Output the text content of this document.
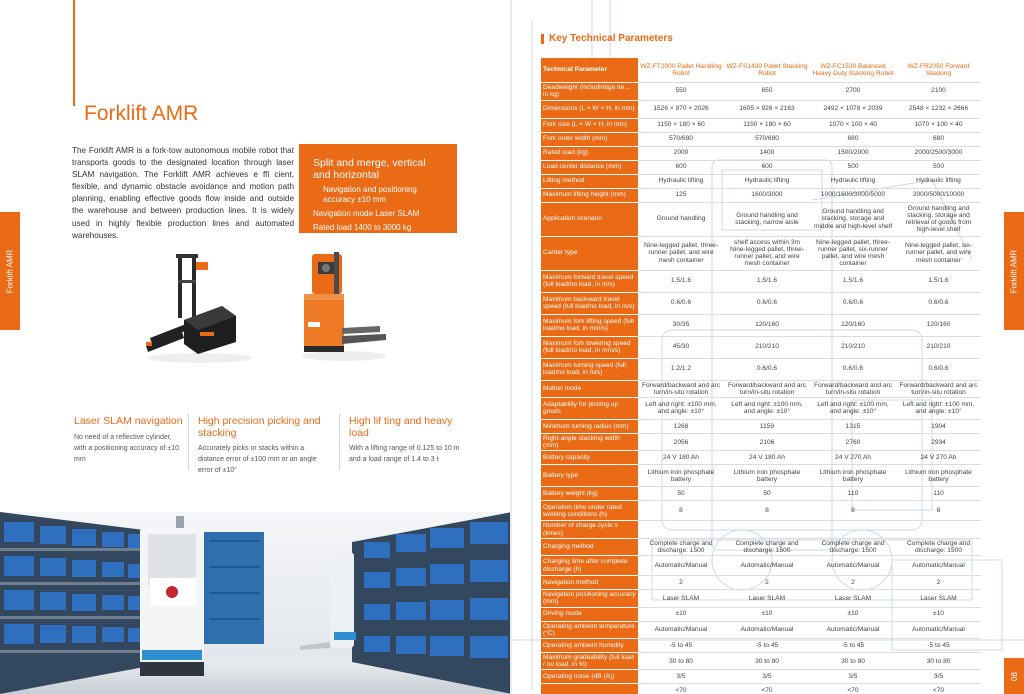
Forklift AMR
Forklift AMR
The Forklift AMR is a fork-tow autonomous mobile robot that transports goods to the designated location through laser SLAM navigation. The Forklift AMR achieves e ffi cient, flexible, and dynamic obstacle avoidance and motion path planning, enabling effective goods flow inside and outside the warehouse and between production lines. It is widely used in highly flexible production lines and automated warehouses.
Split and merge, vertical and horizontal
Navigation and positioning accuracy ±10 mm
Navigation mode Laser SLAM
Rated load 1400 to 3000 kg
Laser SLAM navigation
No need of a reflective cylinder, with a positioning accuracy of ±10 mm
High precision picking and stacking
Accurately picks or stacks within a distance error of ±100 mm or an angle error of ±10°
High lif ting and heavy load
With a lifting range of 0.125 to 10 m and a load range of 1.4 to 3 t
Forklift AMR
08
Key Technical Parameters
Technical Parameter	WZ-FT2000 Pallet Handling Robot	WZ-FS1430 Pallet Stacking Robot	WZ-FC1530 Balanced Heavy-Duty Stacking Robot	WZ-FR2050 Forward Stacking
Deadweight (includinbga tte... in kg)	550	650	2700	2100
Dimensions (L × W × H, in mm)	1526 × 970 × 2026	1605 × 926 × 2163	2492 × 1078 × 2039	2548 × 1232 × 2666
Fork size (L × W × H, in mm)	1150 × 180 × 60	1150 × 180 × 60	1070 × 100 × 40	1070 × 100 × 40
Fork outer width (mm)	570/680	570/680	680	680
Rated load (kg)	2000	1400	1500/2000	2000/2500/3000
Load center distance (mm)	600	600	500	500
Lifting method	Hydraulic lifting	Hydraulic lifting	Hydraulic lifting	Hydraulic lifting
Maximum lifting height (mm)	125	1600/3000	1000/1600/3000/5000	2000/5000/10000
Application scenario	Ground handling	Ground handling and stacking, narrow aisle	Ground handling and stacking, storage and middle and high-level shelf	Ground handling and stacking, storage and retrieval of goods from high-level shelf
Carrier type	Nine-legged pallet, three-runner pallet, and wire mesh container	shelf access within 3m Nine-legged pallet, three-runner pallet, and wire mesh container	Nine-legged pallet, three-runner pallet, six-runner pallet, and wire mesh container	Nine-legged pallet, six-runner pallet, and wire mesh container
Maximum forward travel speed (full load/no load, in m/s)	1.5/1.6	1.5/1.6	1.5/1.6	1.5/1.6
Maximum backward travel speed (full load/no load, in m/s)	0.6/0.6	0.6/0.6	0.6/0.6	0.6/0.6
Maximum fork lifting speed (full load/no load, in mm/s)	30/35	120/160	120/160	120/160
Maximum fork lowering speed (full load/no load, in mm/s)	45/30	210/210	210/210	210/210
Maximum turning speed (full load/no load, in m/s)	1.2/1.2	0.6/0.6	0.6/0.6	0.6/0.6
Motion mode	Forward/backward and arc turn/in-situ rotation	Forward/backward and arc turn/in-situ rotation	Forward/backward and arc turn/in-situ rotation	Forward/backward and arc turn/in-situ rotation
Adaptability for picking up goods	Left and right: ±100 mm, and angle: ±10°	Left and right: ±100 mm, and angle: ±10°	Left and right: ±100 mm, and angle: ±10°	Left and right: ±100 mm, and angle: ±10°
Minimum turning radius (mm)	1268	1159	1315	1904
Right-angle stacking width (mm)	2056	2106	2760	2934
Battery capacity	24 V 180 Ah	24 V 180 Ah	24 V 270 Ah	24 V 270 Ah
Battery type	Lithium iron phosphate battery	Lithium iron phosphate battery	Lithium iron phosphate battery	Lithium iron phosphate battery
Battery weight (kg)	50	50	110	110
Operation time under rated working conditions (h)	8	8	8	8
Number of charge cycle s (times)				
Charging method	Complete charge and discharge: 1500	Complete charge and discharge: 1500	Complete charge and discharge: 1500	Complete charge and discharge: 1500
Charging time after complete discharge (h)	Automatic/Manual	Automatic/Manual	Automatic/Manual	Automatic/Manual
Navigation method	2	2	2	2
Navigation positioning accuracy (mm)	Laser SLAM	Laser SLAM	Laser SLAM	Laser SLAM
Driving mode	±10	±10	±10	±10
Operating ambient temperature (°C)	Automatic/Manual	Automatic/Manual	Automatic/Manual	Automatic/Manual
Operating ambient humidity	-5 to 45	-5 to 45	-5 to 45	-5 to 45
Maximum gradeability (full load / no load, in %)	30 to 80	30 to 80	30 to 80	30 to 80
Operating noise (dB (A))	3/5	3/5	3/5	3/5
	<70	<70	<70	<70
